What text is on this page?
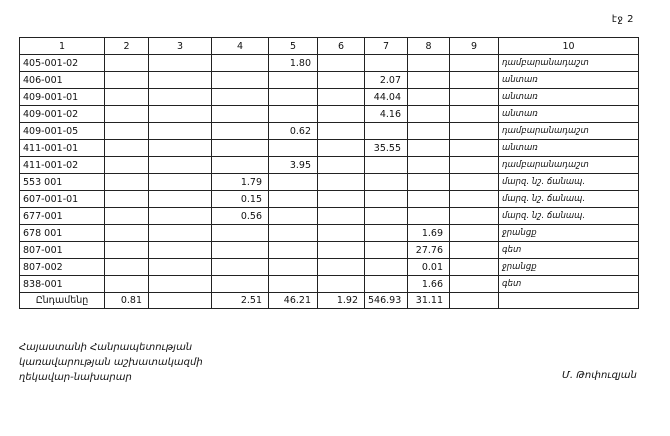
էջ 2
1	2	3	4	5	6	7	8	9	10
405-001-02				1.80					դամբարանադաշտ
406-001						2.07			անտառ
409-001-01						44.04			անտառ
409-001-02						4.16			անտառ
409-001-05				0.62					դամբարանադաշտ
411-001-01						35.55			անտառ
411-001-02				3.95					դամբարանադաշտ
553 001			1.79						մարզ. նշ. ճանապ.
607-001-01			0.15						մարզ. նշ. ճանապ.
677-001			0.56						մարզ. նշ. ճանապ.
678 001							1.69		ջրանցք
807-001							27.76		գետ
807-002							0.01		ջրանցք
838-001							1.66		գետ
Ընդամենը	0.81		2.51	46.21	1.92	546.93	31.11		
Հայաստանի Հանրապետության
կառավարության աշխատակազմի
ղեկավար-նախարար	Մ. Թոփուզյան
